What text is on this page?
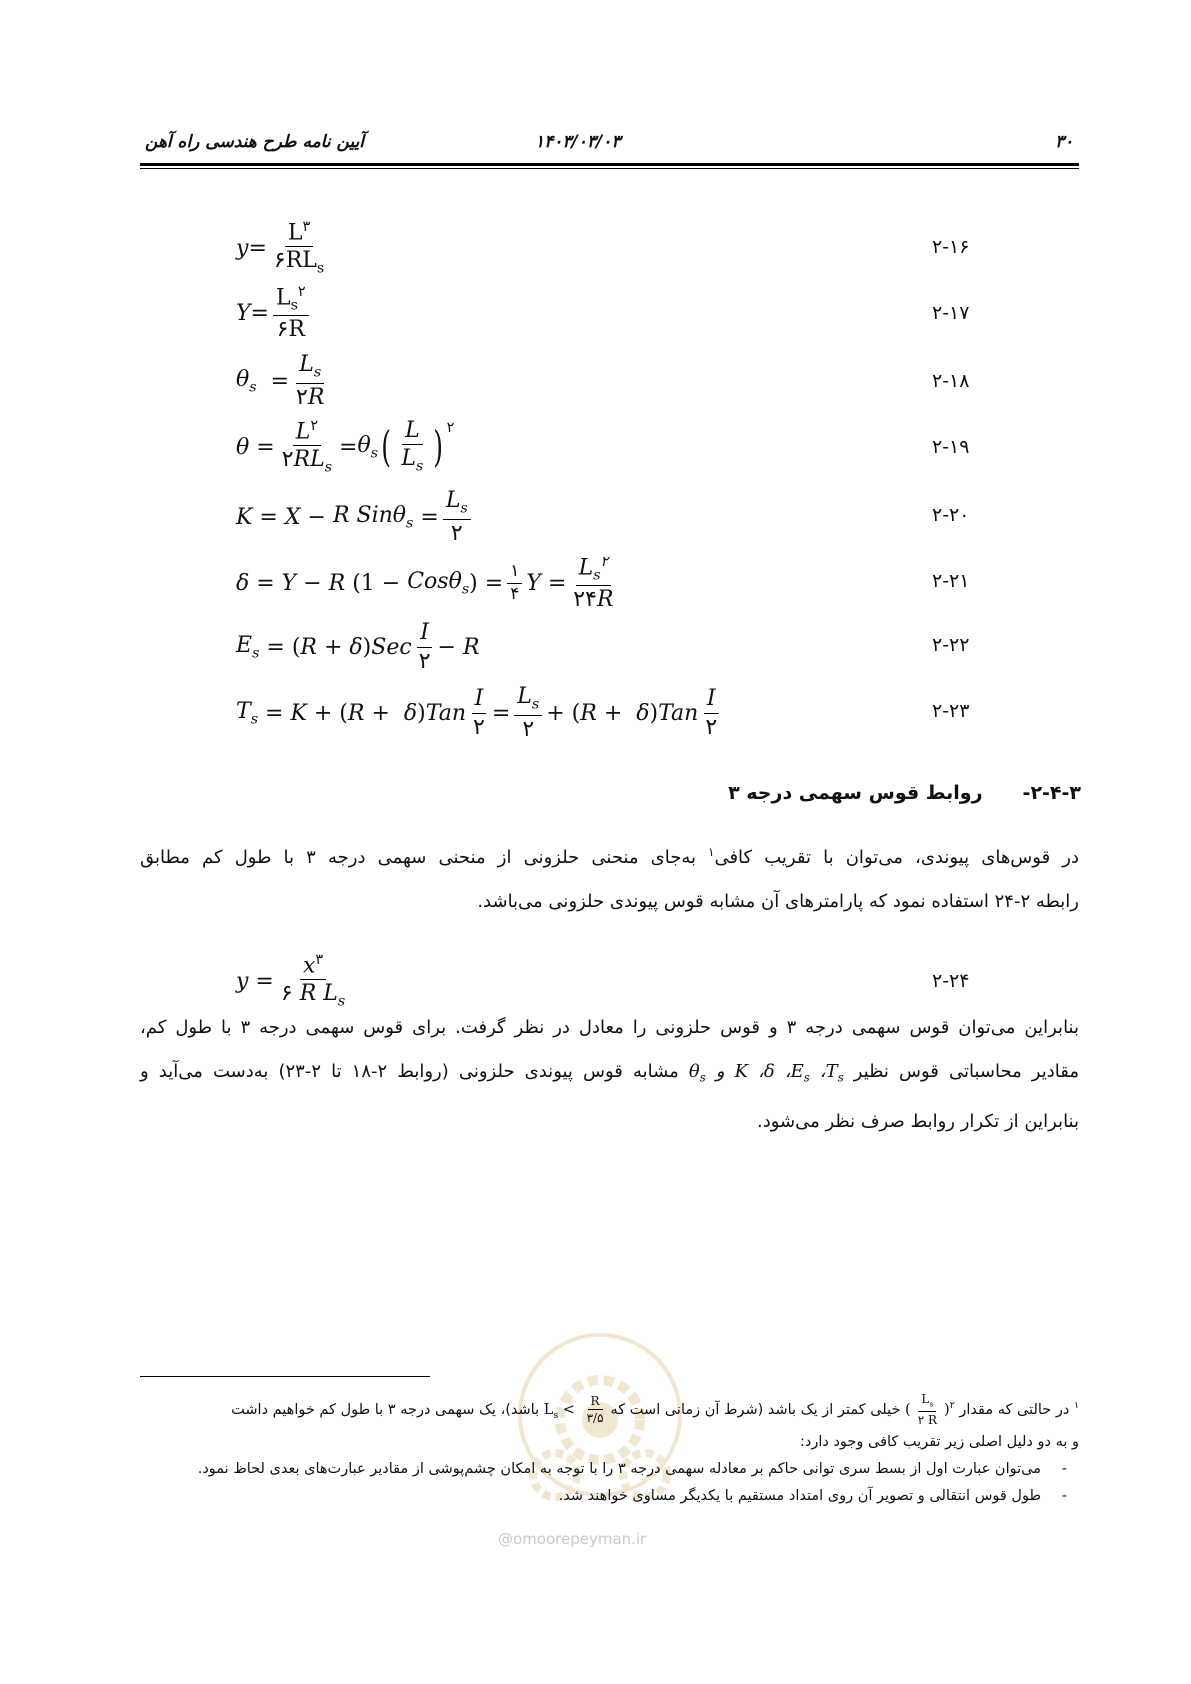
۳۰
۱۴۰۳/۰۳/۰۳
آیین نامه طرح هندسی راه آهن
$y = \frac{L^۳}{۶RL_s}$	۲-۱۶
$Y = \frac{L_s^۲}{۶R}$	۲-۱۷
$\theta_s = \frac{L_s}{۲R}$	۲-۱۸
$\theta = \frac{L^۲}{۲RL_s} = \theta_s$ ( $\frac{L}{L_s} )^۲$
۲-۱۹
K = X − R $Sin\theta_s = \frac{L_s}{۲}$	۲-۲۰
δ = Y − R (1 − Cosθ$_s$ ) = $\frac{۱}{۴}$ $Y = \frac{L_s^۲}{۲۴R}$	۲-۲۱
$E_s$ = ( R + δ ) Sec $\frac{I}{۲} - R$	۲-۲۲
$T_s = K$ + ( R + δ ) Tan $\frac{I}{۲} = \frac{L_s}{۲}$ + ( R + δ ) Tan $\frac{I}{۲}$	۲-۲۳
۲-۴-۳-روابط قوس سهمی درجه ۳
در قوس‌های پیوندی، می‌توان با تقریب کافی$^۱$ به‌جای منحنی حلزونی از منحنی سهمی درجه ۳ با طول کم مطابق
رابطه ۲-۲۴ استفاده نمود که پارامترهای آن مشابه قوس پیوندی حلزونی می‌باشد.
$y = \frac{x^۳}{۶ R L_s}$	۲-۲۴
بنابراین می‌توان قوس سهمی درجه ۳ و قوس حلزونی را معادل در نظر گرفت. برای قوس سهمی درجه ۳ با طول کم،
مقادیر محاسباتی قوس نظیر $\theta_s$ و K ،δ $،E_s$ $،T_s$ مشابه قوس پیوندی حلزونی (روابط ۲-۱۸ تا ۲-۲۳) به‌دست می‌آید و
بنابراین از تکرار روابط صرف نظر می‌شود.
@omoorepeyman.ir
$^۱$ در حالتی که مقدار ( $\frac{L_s}{۲ R} )^۲$ خیلی کمتر از یک باشد (شرط آن زمانی است کهL$_s$ < $\frac{R}{۳/۵}$
باشد)، یک سهمی درجه ۳ با طول کم خواهیم داشت
و به دو دلیل اصلی زیر تقریب کافی وجود دارد:
-
می‌توان عبارت اول از بسط سری توانی حاکم بر معادله سهمی درجه ۳ را با توجه به امکان چشم‌پوشی از مقادیر عبارت‌های بعدی لحاظ نمود.
-
طول قوس انتقالی و تصویر آن روی امتداد مستقیم با یکدیگر مساوی خواهند شد.
